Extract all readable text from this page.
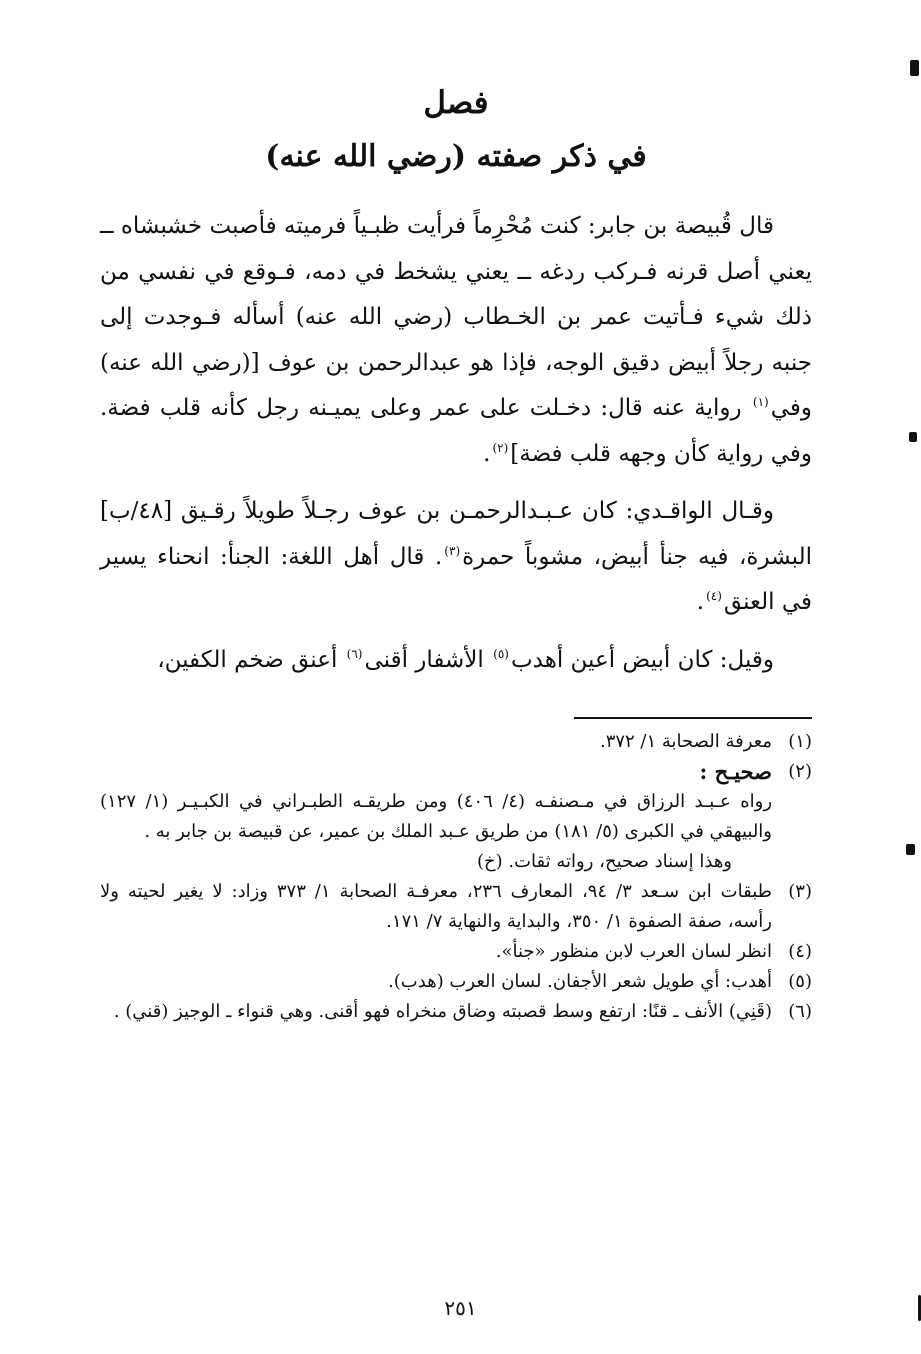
فصل
في ذكر صفته (رضي الله عنه)

قال قُبيصة بن جابر: كنت مُحْرِماً فرأيت ظبـياً فرميته فأصبت خشبشاه ــ يعني أصل قرنه فـركب ردغه ــ يعني يشخط في دمه، فـوقع في نفسي من ذلك شيء فـأتيت عمر بن الخـطاب (رضي الله عنه) أسأله فـوجدت إلى جنبه رجلاً أبيض دقيق الوجه، فإذا هو عبدالرحمن بن عوف [(رضي الله عنه) وفي$^{(١)}$ رواية عنه قال: دخـلت على عمر وعلى يميـنه رجل كأنه قلب فضة. وفي رواية كأن وجهه قلب فضة]$^{(٢)}$.

وقـال الواقـدي: كان عـبـدالرحمـن بن عوف رجـلاً طويلاً رقـيق [٤٨/ب] البشرة، فيه جنأ أبيض، مشوباً حمرة$^{(٣)}$. قال أهل اللغة: الجنأ: انحناء يسير في العنق$^{(٤)}$.

وقيل: كان أبيض أعين أهدب$^{(٥)}$ الأشفار أقنى$^{(٦)}$ أعنق ضخم الكفين،

(١)
معرفة الصحابة ١/ ٣٧٢.
(٢)
صحيـح :
رواه عـبـد الرزاق في مـصنفـه (٤/ ٤٠٦) ومن طريقـه الطبـراني في الكبـيـر (١/ ١٢٧) والبيهقي في الكبرى (٥/ ١٨١) من طريق عـبد الملك بن عمير، عن قبيصة بن جابر به .
وهذا إسناد صحيح، رواته ثقات. (خ)
(٣)
طبقات ابن سـعد ٣/ ٩٤، المعارف ٢٣٦، معرفـة الصحابة ١/ ٣٧٣ وزاد: لا يغير لحيته ولا رأسه، صفة الصفوة ١/ ٣٥٠، والبداية والنهاية ٧/ ١٧١.
(٤)
انظر لسان العرب لابن منظور «جنأ».
(٥)
أهدب: أي طويل شعر الأجفان. لسان العرب (هدب).
(٦)
(قَنِي) الأنف ـ قنًا: ارتفع وسط قصبته وضاق منخراه فهو أقنى. وهي قنواء ـ الوجيز (قني) .
٢٥١
